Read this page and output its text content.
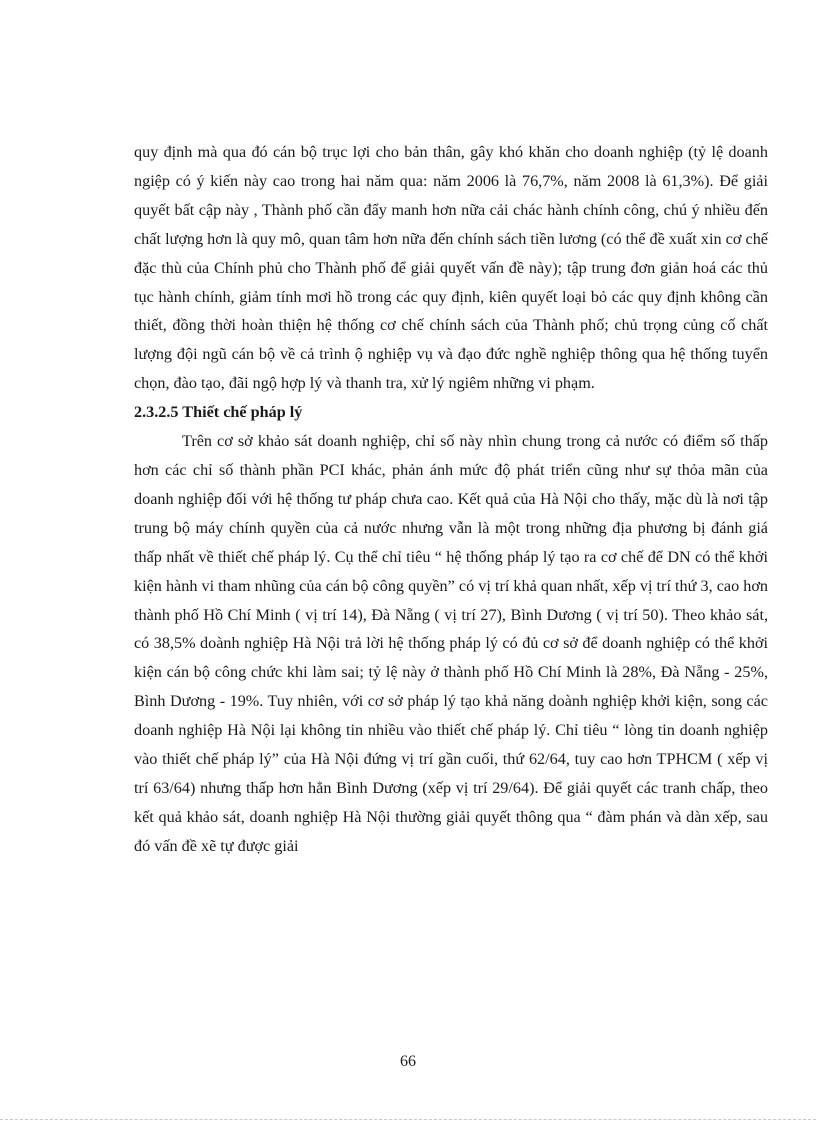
quy định mà qua đó cán bộ trục lợi cho bản thân, gây khó khăn cho doanh nghiệp (tỷ lệ doanh ngiệp có ý kiến này cao trong hai năm qua: năm 2006 là 76,7%, năm 2008 là 61,3%). Để giải quyết bất cập này , Thành phố cần đẩy manh hơn nữa cải chác hành chính công, chú ý nhiều đến chất lượng hơn là quy mô, quan tâm hơn nữa đến chính sách tiền lương (có thể đề xuất xin cơ chế đặc thù của Chính phủ cho Thành phố để giải quyết vấn đề này); tập trung đơn giản hoá các thủ tục hành chính, giảm tính mơi hồ trong các quy định, kiên quyết loại bỏ các quy định không cần thiết, đồng thời hoàn thiện hệ thống cơ chế chính sách của Thành phố; chủ trọng củng cố chất lượng đội ngũ cán bộ về cả trình ộ nghiệp vụ và đạo đức nghề nghiệp thông qua hệ thống tuyển chọn, đào tạo, đãi ngộ hợp lý và thanh tra, xử lý ngiêm những vi phạm.

2.3.2.5 Thiết chế pháp lý

Trên cơ sở khảo sát doanh nghiệp, chỉ số này nhìn chung trong cả nước có điểm số thấp hơn các chỉ số thành phần PCI khác, phản ánh mức độ phát triển cũng như sự thỏa mãn của doanh nghiệp đối với hệ thống tư pháp chưa cao. Kết quả của Hà Nội cho thấy, mặc dù là nơi tập trung bộ máy chính quyền của cả nước nhưng vẫn là một trong những địa phương bị đánh giá thấp nhất về thiết chế pháp lý. Cụ thể chỉ tiêu “ hệ thống pháp lý tạo ra cơ chế để DN có thể khởi kiện hành vi tham nhũng của cán bộ công quyền” có vị trí khả quan nhất, xếp vị trí thứ 3, cao hơn thành phố Hồ Chí Minh ( vị trí 14), Đà Nẵng ( vị trí 27), Bình Dương ( vị trí 50). Theo khảo sát, có 38,5% doành nghiệp Hà Nội trả lời hệ thống pháp lý có đủ cơ sở để doanh nghiệp có thể khởi kiện cán bộ công chức khi làm sai; tỷ lệ này ở thành phố Hồ Chí Minh là 28%, Đà Nẵng - 25%, Bình Dương - 19%. Tuy nhiên, với cơ sở pháp lý tạo khả năng doành nghiệp khởi kiện, song các doanh nghiệp Hà Nội lại không tin nhiều vào thiết chế pháp lý. Chỉ tiêu “ lòng tin doanh nghiệp vào thiết chế pháp lý” của Hà Nội đứng vị trí gần cuối, thứ 62/64, tuy cao hơn TPHCM ( xếp vị trí 63/64) nhưng thấp hơn hẳn Bình Dương (xếp vị trí 29/64). Để giải quyết các tranh chấp, theo kết quả khảo sát, doanh nghiệp Hà Nội thường giải quyết thông qua “ đàm phán và dàn xếp, sau đó vấn đề xẽ tự được giải

66
